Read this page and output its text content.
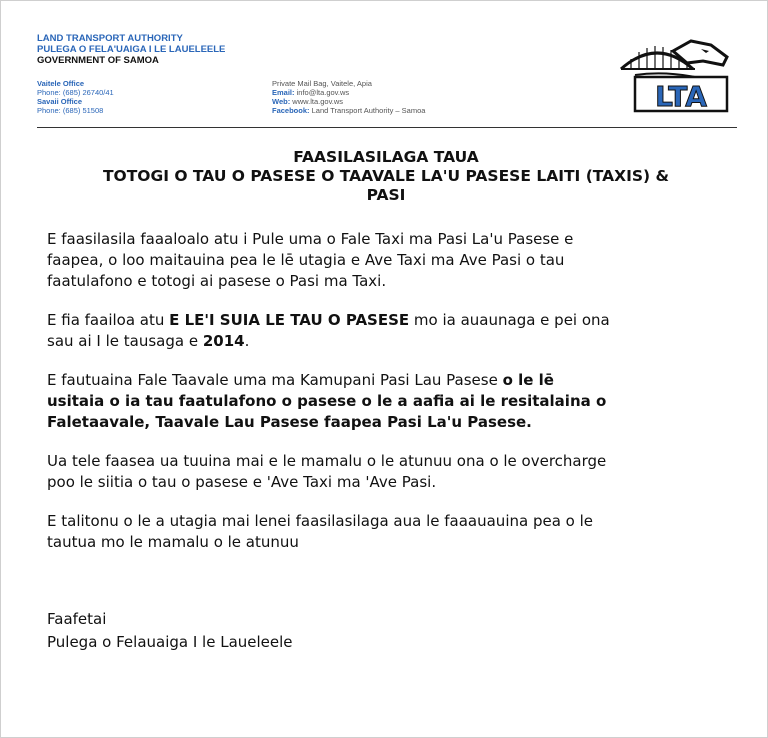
LAND TRANSPORT AUTHORITY

PULEGA O FELA'UAIGA I LE LAUELEELE

GOVERNMENT OF SAMOA

Vaitele Office

Phone: (685) 26740/41

Savaii Office

Phone: (685) 51508

Private Mail Bag, Vaitele, Apia

Email: info@lta.gov.ws

Web: www.lta.gov.ws

Facebook: Land Transport Authority – Samoa	LTA
FAASILASILAGA TAUA
TOTOGI O TAU O PASESE O TAAVALE LA'U PASESE LAITI (TAXIS) &
PASI

E faasilasila faaaloalo atu i Pule uma o Fale Taxi ma Pasi La'u Pasese e
faapea, o loo maitauina pea le lē utagia e Ave Taxi ma Ave Pasi o tau
faatulafono e totogi ai pasese o Pasi ma Taxi.

E fia faailoa atu E LE'I SUIA LE TAU O PASESE mo ia auaunaga e pei ona
sau ai I le tausaga e 2014.

E fautuaina Fale Taavale uma ma Kamupani Pasi Lau Pasese o le lē
usitaia o ia tau faatulafono o pasese o le a aafia ai le resitalaina o
Faletaavale, Taavale Lau Pasese faapea Pasi La'u Pasese.

Ua tele faasea ua tuuina mai e le mamalu o le atunuu ona o le overcharge
poo le siitia o tau o pasese e 'Ave Taxi ma 'Ave Pasi.

E talitonu o le a utagia mai lenei faasilasilaga aua le faaauauina pea o le
tautua mo le mamalu o le atunuu

Faafetai
Pulega o Felauaiga I le Laueleele
